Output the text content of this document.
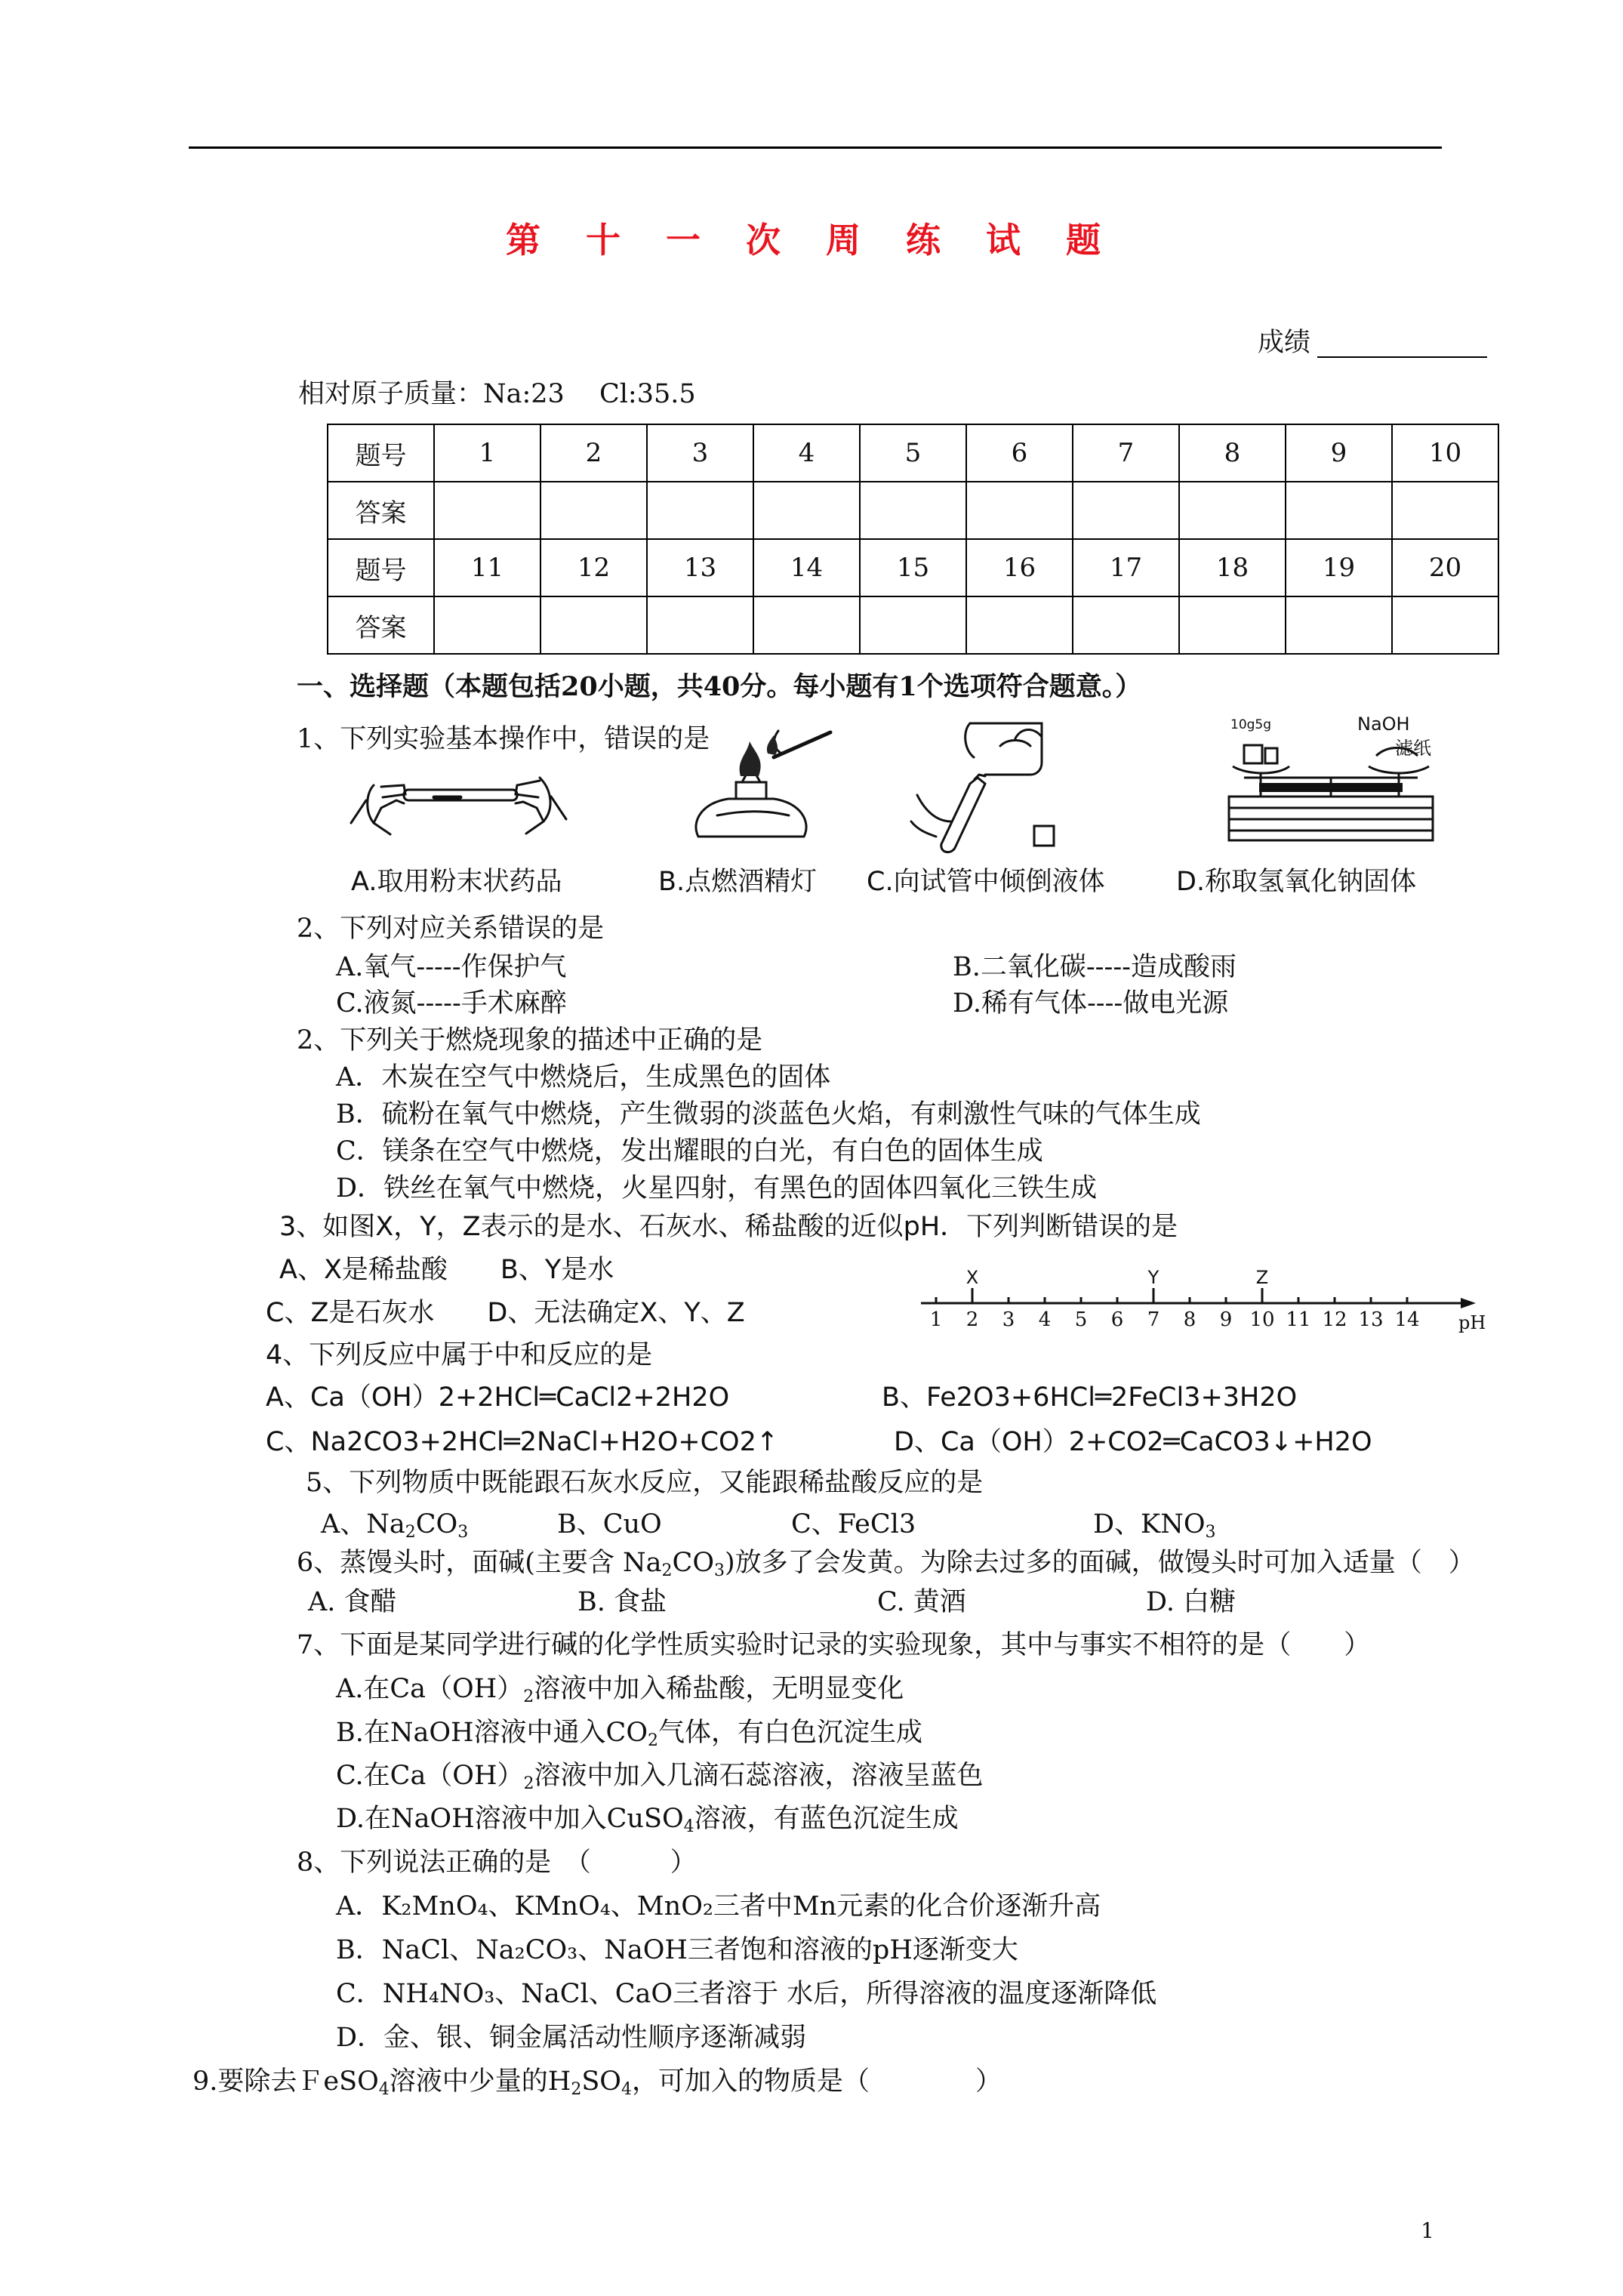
第 十 一 次 周 练 试 题
成绩
相对原子质量：Na:23　 Cl:35.5
题号	1	2	3	4	5	6	7	8	9	10
答案										
题号	11	12	13	14	15	16	17	18	19	20
答案										
一、选择题（本题包括20小题，共40分。每小题有1个选项符合题意。）
1、下列实验基本操作中，错误的是	10g5g	NaOH
滤纸
A.取用粉末状药品	B.点燃酒精灯 C.向试管中倾倒液体	D.称取氢氧化钠固体
2、下列对应关系错误的是
A.氧气-----作保护气	B.二氧化碳-----造成酸雨
C.液氮-----手术麻醉	D.稀有气体----做电光源
2、下列关于燃烧现象的描述中正确的是
A．木炭在空气中燃烧后，生成黑色的固体
B．硫粉在氧气中燃烧，产生微弱的淡蓝色火焰，有刺激性气味的气体生成
C．镁条在空气中燃烧，发出耀眼的白光，有白色的固体生成
D．铁丝在氧气中燃烧，火星四射，有黑色的固体四氧化三铁生成
3、如图X，Y，Z表示的是水、石灰水、稀盐酸的近似pH．下列判断错误的是
A、X是稀盐酸　　B、Y是水
C、Z是石灰水　　D、无法确定X、Y、Z	1 2 3 4 5 6 7 8 9 10 11 12 13 14 pH
X	Y	Z
4、下列反应中属于中和反应的是
A、Ca（OH）2+2HCl═CaCl2+2H2O	B、Fe2O3+6HCl═2FeCl3+3H2O
C、Na2CO3+2HCl═2NaCl+H2O+CO2↑	D、Ca（OH）2+CO2═CaCO3↓+H2O
5、下列物质中既能跟石灰水反应，又能跟稀盐酸反应的是
A、$Na_2CO_3$	B、CuO	C、FeCl3	D、$KNO_3$
6、蒸馒头时，面碱(主要含 $Na_2CO_3$)放多了会发黄。为除去过多的面碱，做馒头时可加入适量（　）
A. 食醋	B. 食盐	C. 黄酒	D. 白糖
7、下面是某同学进行碱的化学性质实验时记录的实验现象，其中与事实不相符的是（　　）
A.在$Ca(OH)_2$溶液中加入稀盐酸，无明显变化
B.在NaOH溶液中通入$CO_2$气体，有白色沉淀生成
C.在$Ca(OH)_2$溶液中加入几滴石蕊溶液，溶液呈蓝色
D.在NaOH溶液中加入CuSO$_4$溶液，有蓝色沉淀生成
8、下列说法正确的是　（　　　）
A．K₂MnO₄、KMnO₄、MnO₂三者中Mn元素的化合价逐渐升高
B．NaCl、Na₂CO₃、NaOH三者饱和溶液的pH逐渐变大
C．NH₄NO₃、NaCl、CaO三者溶于 水后，所得溶液的温度逐渐降低
D．金、银、铜金属活动性顺序逐渐减弱
9.要除去ＦeSO$_4$溶液中少量的$H_2SO_4$，可加入的物质是（　　　　）
1
